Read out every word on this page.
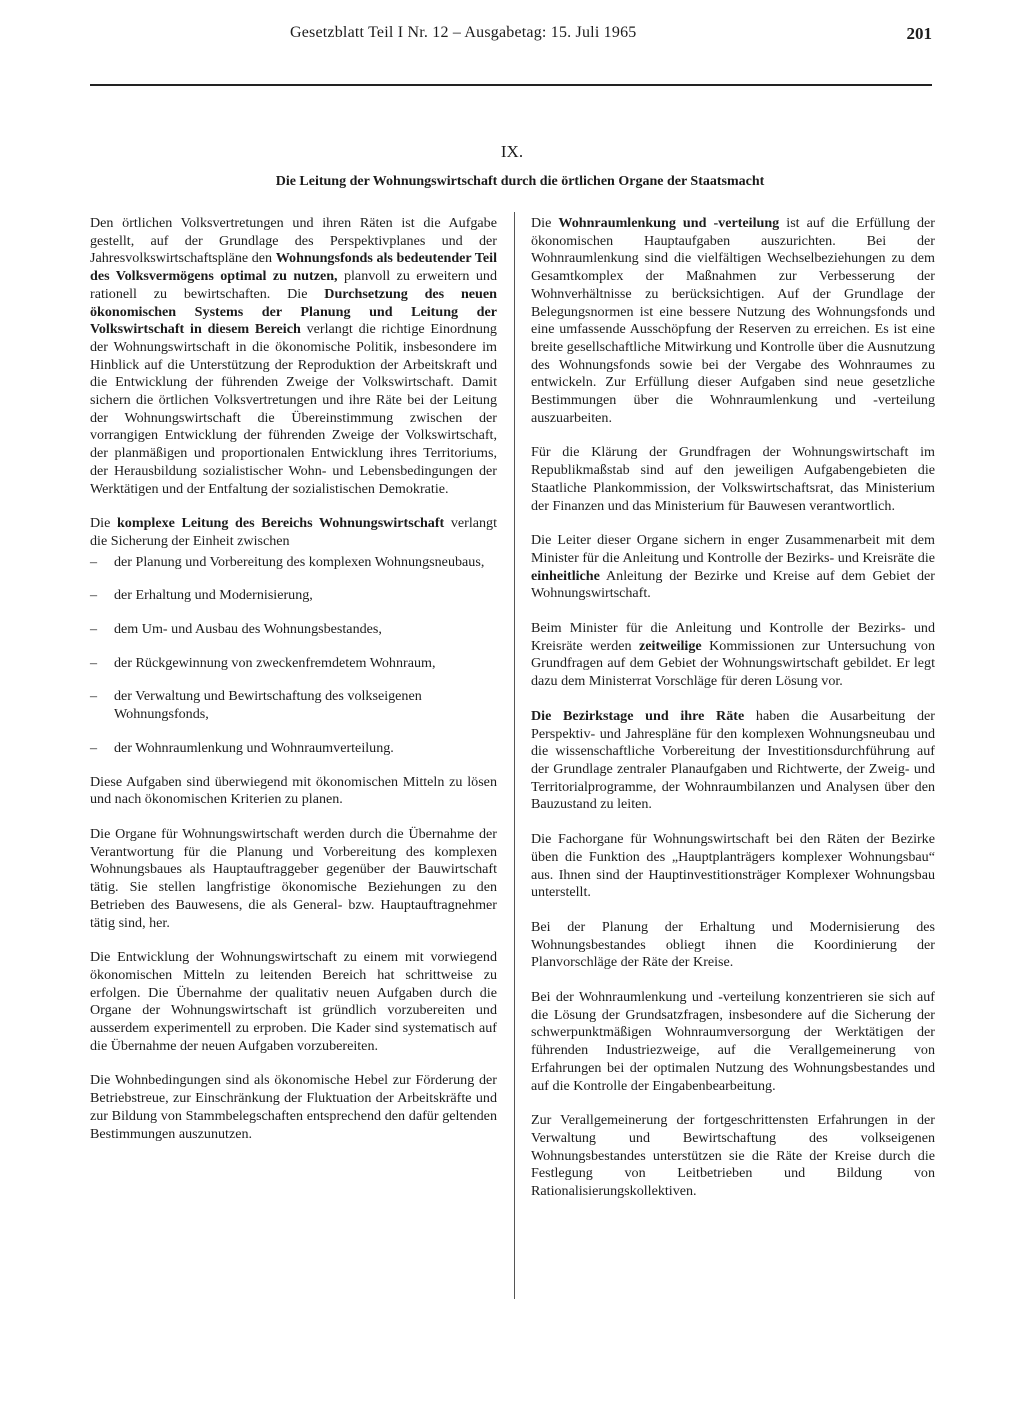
Gesetzblatt Teil I Nr. 12 – Ausgabetag: 15. Juli 1965	201
IX.
Die Leitung der Wohnungswirtschaft durch die örtlichen Organe der Staatsmacht

Den örtlichen Volksvertretungen und ihren Räten ist die Aufgabe gestellt, auf der Grundlage des Perspektivplanes und der Jahresvolkswirtschaftspläne den Wohnungsfonds als bedeutender Teil des Volksvermögens optimal zu nutzen, planvoll zu erweitern und rationell zu bewirtschaften. Die Durchsetzung des neuen ökonomischen Systems der Planung und Leitung der Volkswirtschaft in diesem Bereich verlangt die richtige Einordnung der Wohnungswirtschaft in die ökonomische Politik, insbesondere im Hinblick auf die Unterstützung der Reproduktion der Arbeitskraft und die Entwicklung der führenden Zweige der Volkswirtschaft. Damit sichern die örtlichen Volksvertretungen und ihre Räte bei der Leitung der Wohnungswirtschaft die Übereinstimmung zwischen der vorrangigen Entwicklung der führenden Zweige der Volkswirtschaft, der planmäßigen und proportionalen Entwicklung ihres Territoriums, der Herausbildung sozialistischer Wohn- und Lebensbedingungen der Werktätigen und der Entfaltung der sozialistischen Demokratie.

Die komplexe Leitung des Bereichs Wohnungswirtschaft verlangt die Sicherung der Einheit zwischen

– der Planung und Vorbereitung des komplexen Wohnungsneubaus,
– der Erhaltung und Modernisierung,
– dem Um- und Ausbau des Wohnungsbestandes,
– der Rückgewinnung von zweckenfremdetem Wohnraum,
– der Verwaltung und Bewirtschaftung des volkseigenen Wohnungsfonds,
– der Wohnraumlenkung und Wohnraumverteilung.

Diese Aufgaben sind überwiegend mit ökonomischen Mitteln zu lösen und nach ökonomischen Kriterien zu planen.

Die Organe für Wohnungswirtschaft werden durch die Übernahme der Verantwortung für die Planung und Vorbereitung des komplexen Wohnungsbaues als Hauptauftraggeber gegenüber der Bauwirtschaft tätig. Sie stellen langfristige ökonomische Beziehungen zu den Betrieben des Bauwesens, die als General- bzw. Hauptauftragnehmer tätig sind, her.

Die Entwicklung der Wohnungswirtschaft zu einem mit vorwiegend ökonomischen Mitteln zu leitenden Bereich hat schrittweise zu erfolgen. Die Übernahme der qualitativ neuen Aufgaben durch die Organe der Wohnungswirtschaft ist gründlich vorzubereiten und ausserdem experimentell zu erproben. Die Kader sind systematisch auf die Übernahme der neuen Aufgaben vorzubereiten.

Die Wohnbedingungen sind als ökonomische Hebel zur Förderung der Betriebstreue, zur Einschränkung der Fluktuation der Arbeitskräfte und zur Bildung von Stammbelegschaften entsprechend den dafür geltenden Bestimmungen auszunutzen.

Die Wohnraumlenkung und -verteilung ist auf die Erfüllung der ökonomischen Hauptaufgaben auszurichten. Bei der Wohnraumlenkung sind die vielfältigen Wechselbeziehungen zu dem Gesamtkomplex der Maßnahmen zur Verbesserung der Wohnverhältnisse zu berücksichtigen. Auf der Grundlage der Belegungsnormen ist eine bessere Nutzung des Wohnungsfonds und eine umfassende Ausschöpfung der Reserven zu erreichen. Es ist eine breite gesellschaftliche Mitwirkung und Kontrolle über die Ausnutzung des Wohnungsfonds sowie bei der Vergabe des Wohnraumes zu entwickeln. Zur Erfüllung dieser Aufgaben sind neue gesetzliche Bestimmungen über die Wohnraumlenkung und -verteilung auszuarbeiten.

Für die Klärung der Grundfragen der Wohnungswirtschaft im Republikmaßstab sind auf den jeweiligen Aufgabengebieten die Staatliche Plankommission, der Volkswirtschaftsrat, das Ministerium der Finanzen und das Ministerium für Bauwesen verantwortlich.

Die Leiter dieser Organe sichern in enger Zusammenarbeit mit dem Minister für die Anleitung und Kontrolle der Bezirks- und Kreisräte die einheitliche Anleitung der Bezirke und Kreise auf dem Gebiet der Wohnungswirtschaft.

Beim Minister für die Anleitung und Kontrolle der Bezirks- und Kreisräte werden zeitweilige Kommissionen zur Untersuchung von Grundfragen auf dem Gebiet der Wohnungswirtschaft gebildet. Er legt dazu dem Ministerrat Vorschläge für deren Lösung vor.

Die Bezirkstage und ihre Räte haben die Ausarbeitung der Perspektiv- und Jahrespläne für den komplexen Wohnungsneubau und die wissenschaftliche Vorbereitung der Investitionsdurchführung auf der Grundlage zentraler Planaufgaben und Richtwerte, der Zweig- und Territorialprogramme, der Wohnraumbilanzen und Analysen über den Bauzustand zu leiten.

Die Fachorgane für Wohnungswirtschaft bei den Räten der Bezirke üben die Funktion des „Hauptplanträgers komplexer Wohnungsbau“ aus. Ihnen sind der Hauptinvestitionsträger Komplexer Wohnungsbau unterstellt.

Bei der Planung der Erhaltung und Modernisierung des Wohnungsbestandes obliegt ihnen die Koordinierung der Planvorschläge der Räte der Kreise.

Bei der Wohnraumlenkung und -verteilung konzentrieren sie sich auf die Lösung der Grundsatzfragen, insbesondere auf die Sicherung der schwerpunktmäßigen Wohnraumversorgung der Werktätigen der führenden Industriezweige, auf die Verallgemeinerung von Erfahrungen bei der optimalen Nutzung des Wohnungsbestandes und auf die Kontrolle der Eingabenbearbeitung.

Zur Verallgemeinerung der fortgeschrittensten Erfahrungen in der Verwaltung und Bewirtschaftung des volkseigenen Wohnungsbestandes unterstützen sie die Räte der Kreise durch die Festlegung von Leitbetrieben und Bildung von Rationalisierungskollektiven.
